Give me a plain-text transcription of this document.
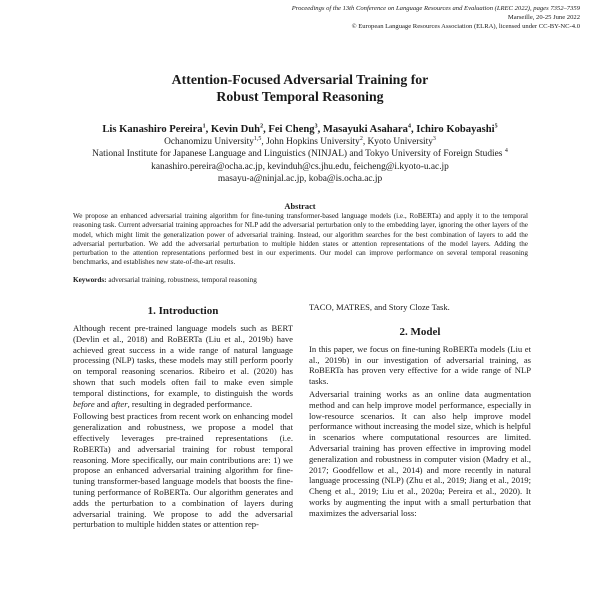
Proceedings of the 13th Conference on Language Resources and Evaluation (LREC 2022), pages 7352–7359
Marseille, 20-25 June 2022
© European Language Resources Association (ELRA), licensed under CC-BY-NC-4.0
Attention-Focused Adversarial Training for
Robust Temporal Reasoning
Lis Kanashiro Pereira$^1$, Kevin Duh$^2$, Fei Cheng$^3$, Masayuki Asahara$^4$, Ichiro Kobayashi$^5$
Ochanomizu University$^{1,5}$, John Hopkins University$^2$, Kyoto University$^3$
National Institute for Japanese Language and Linguistics (NINJAL) and Tokyo University of Foreign Studies $^4$
kanashiro.pereira@ocha.ac.jp, kevinduh@cs.jhu.edu, feicheng@i.kyoto-u.ac.jp
masayu-a@ninjal.ac.jp, koba@is.ocha.ac.jp
Abstract
We propose an enhanced adversarial training algorithm for fine-tuning transformer-based language models (i.e., RoBERTa) and apply it to the temporal reasoning task. Current adversarial training approaches for NLP add the adversarial perturbation only to the embedding layer, ignoring the other layers of the model, which might limit the generalization power of adversarial training. Instead, our algorithm searches for the best combination of layers to add the adversarial perturbation. We add the adversarial perturbation to multiple hidden states or attention representations of the model layers. Adding the perturbation to the attention representations performed best in our experiments. Our model can improve performance on several temporal reasoning benchmarks, and establishes new state-of-the-art results.
Keywords: adversarial training, robustness, temporal reasoning
1. Introduction

Although recent pre-trained language models such as BERT (Devlin et al., 2018) and RoBERTa (Liu et al., 2019b) have achieved great success in a wide range of natural language processing (NLP) tasks, these models may still perform poorly on temporal reasoning scenarios. Ribeiro et al. (2020) has shown that such models often fail to make even simple temporal distinctions, for example, to distinguish the words before and after, resulting in degraded performance.

Following best practices from recent work on enhancing model generalization and robustness, we propose a model that effectively leverages pre-trained representations (i.e. RoBERTa) and adversarial training for robust temporal reasoning. More specifically, our main contributions are: 1) we propose an enhanced adversarial training algorithm for fine-tuning transformer-based language models that boosts the fine-tuning performance of RoBERTa. Our algorithm generates and adds the perturbation to a combination of layers during adversarial training. We propose to add the adversarial perturbation to multiple hidden states or attention rep-

TACO, MATRES, and Story Cloze Task.

2. Model

In this paper, we focus on fine-tuning RoBERTa models (Liu et al., 2019b) in our investigation of adversarial training, as RoBERTa has proven very effective for a wide range of NLP tasks.

Adversarial training works as an online data augmentation method and can help improve model performance, especially in low-resource scenarios. It can also help improve model performance without increasing the model size, which is helpful in scenarios where computational resources are limited. Adversarial training has proven effective in improving model generalization and robustness in computer vision (Madry et al., 2017; Goodfellow et al., 2014) and more recently in natural language processing (NLP) (Zhu et al., 2019; Jiang et al., 2019; Cheng et al., 2019; Liu et al., 2020a; Pereira et al., 2020). It works by augmenting the input with a small perturbation that maximizes the adversarial loss:
